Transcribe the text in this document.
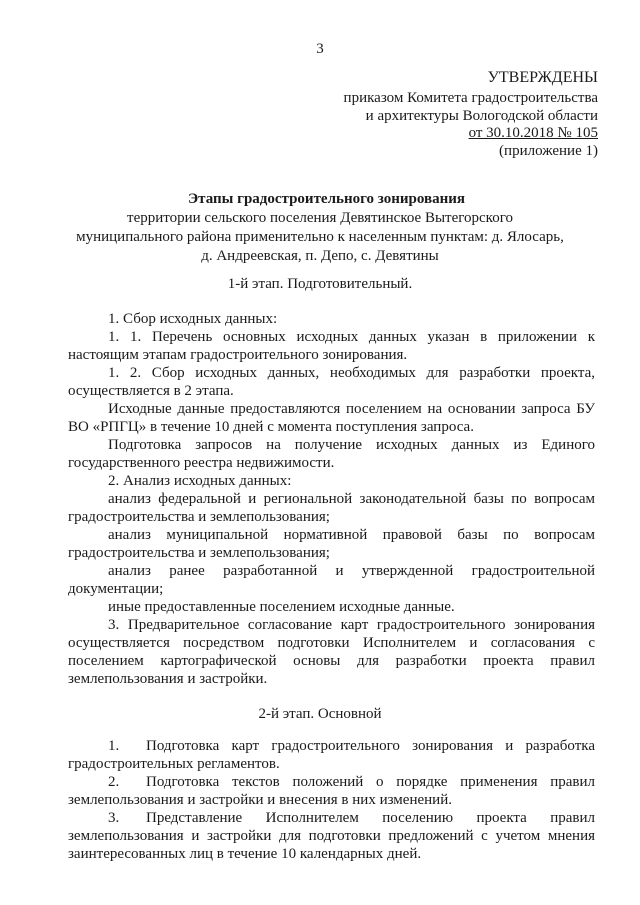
3
УТВЕРЖДЕНЫ
приказом Комитета градостроительства
и архитектуры Вологодской области
от 30.10.2018 № 105
(приложение 1)
Этапы градостроительного зонирования
территории сельского поселения Девятинское Вытегорского
муниципального района применительно к населенным пунктам: д. Ялосарь,
д. Андреевская, п. Депо, с. Девятины
1-й этап. Подготовительный.
1. Сбор исходных данных:
1. 1. Перечень основных исходных данных указан в приложении к
настоящим этапам градостроительного зонирования.
1. 2. Сбор исходных данных, необходимых для разработки проекта,
осуществляется в 2 этапа.
Исходные данные предоставляются поселением на основании запроса БУ
ВО «РПГЦ» в течение 10 дней с момента поступления запроса.
Подготовка запросов на получение исходных данных из Единого
государственного реестра недвижимости.
2. Анализ исходных данных:
анализ федеральной и региональной законодательной базы по вопросам
градостроительства и землепользования;
анализ муниципальной нормативной правовой базы по вопросам
градостроительства и землепользования;
анализ ранее разработанной и утвержденной градостроительной
документации;
иные предоставленные поселением исходные данные.
3. Предварительное согласование карт градостроительного зонирования
осуществляется посредством подготовки Исполнителем и согласования с
поселением картографической основы для разработки проекта правил
землепользования и застройки.
2-й этап. Основной
1. Подготовка карт градостроительного зонирования и разработка
градостроительных регламентов.
2. Подготовка текстов положений о порядке применения правил
землепользования и застройки и внесения в них изменений.
3. Представление Исполнителем поселению проекта правил
землепользования и застройки для подготовки предложений с учетом мнения
заинтересованных лиц в течение 10 календарных дней.
